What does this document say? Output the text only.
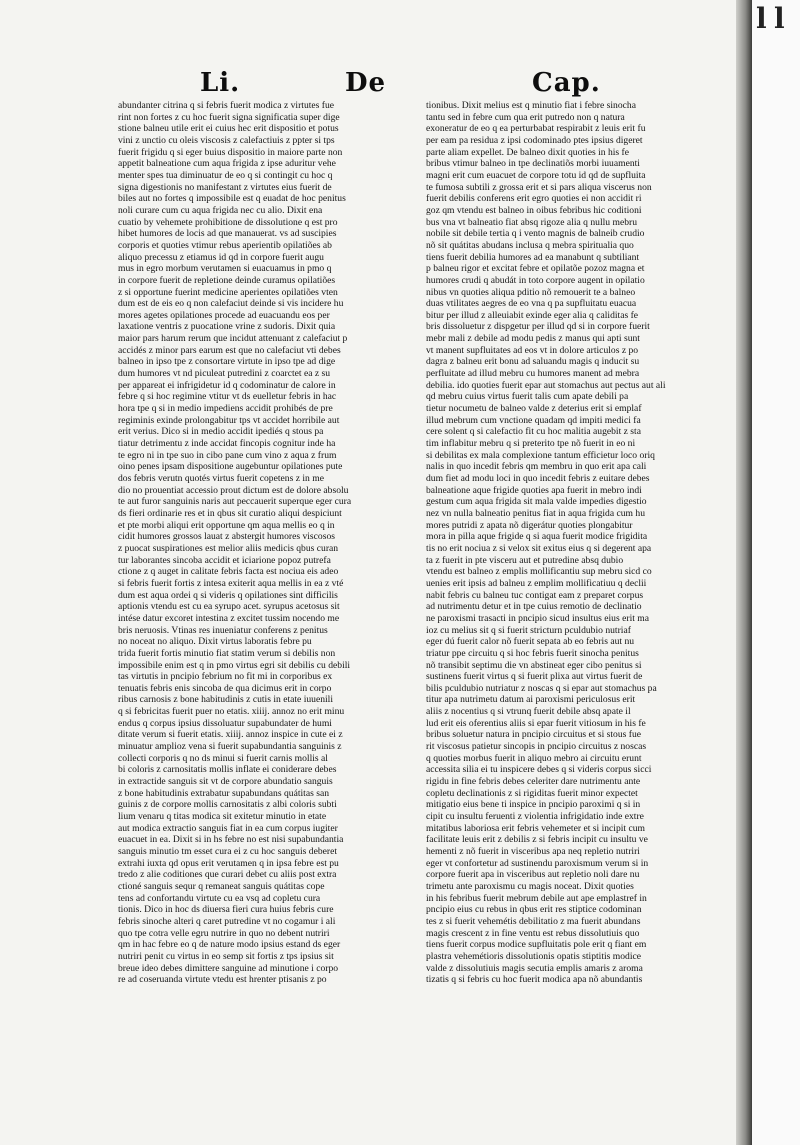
Li.	De	Cap.
abundanter citrina q si febris fuerit modica z virtutes fue
rint non fortes z cu hoc fuerit signa significatia super dige
stione balneu utile erit ei cuius hec erit dispositio et potus
vini z unctio cu oleis viscosis z calefactiuis z ppter si tps
fuerit frigidu q si eger buius dispositio in maiore parte non
appetit balneatione cum aqua frigida z ipse aduritur vehe
menter spes tua diminuatur de eo q si contingit cu hoc q
signa digestionis no manifestant z virtutes eius fuerit de
biles aut no fortes q impossibile est q euadat de hoc penitus
noli curare cum cu aqua frigida nec cu alio. Dixit ena
cuatio by vehemete prohibitione de dissolutione q est pro
hibet humores de locis ad que manauerat. vs ad suscipies
corporis et quoties vtimur rebus aperientib opilatiões ab
aliquo precessu z etiamus id qd in corpore fuerit augu
mus in egro morbum verutamen si euacuamus in pmo q
in corpore fuerit de repletione deinde curamus opilatiões
z si opportune fuerint medicine aperientes opilatiões vten
dum est de eis eo q non calefaciut deinde si vis incidere hu
mores agetes opilationes procede ad euacuandu eos per
laxatione ventris z puocatione vrine z sudoris. Dixit quia
maior pars harum rerum que incidut attenuant z calefaciut p
accidés z minor pars earum est que no calefaciut vti debes
balneo in ipso tpe z consortare virtute in ipso tpe ad dige
dum humores vt nd piculeat putredini z coarctet ea z su
per appareat ei infrigidetur id q codominatur de calore in
febre q si hoc regimine vtitur vt ds euelletur febris in hac
hora tpe q si in medio impediens accidit prohibés de pre
regiminis exinde prolongabitur tps vt accidet horribile aut
erit verius. Dico si in medio accidit ipediés q stous pa
tiatur detrimentu z inde accidat fincopis cognitur inde ha
te egro ni in tpe suo in cibo pane cum vino z aqua z frum
oino penes ipsam dispositione augebuntur opilationes pute
dos febris verutn quotés virtus fuerit copetens z in me
dio no prouentiat accessio prout dictum est de dolore absolu
te aut furor sanguinis naris aut peccauerit superque eger cura
ds fieri ordinarie res et in qbus sit curatio aliqui despiciunt
et pte morbi aliqui erit opportune qm aqua mellis eo q in
cidit humores grossos lauat z abstergit humores viscosos
z puocat suspirationes est melior aliis medicis qbus curan
tur laborantes sincoba accidit et iciarione popoz putrefa
ctione z q auget in calitate febris facta est nociua eis adeo
si febris fuerit fortis z intesa exiterit aqua mellis in ea z vté
dum est aqua ordei q si videris q opilationes sint difficilis
aptionis vtendu est cu ea syrupo acet. syrupus acetosus sit
intése datur excoret intestina z excitet tussim nocendo me
bris neruosis. Vtinas res inueniatur conferens z penitus
no noceat no aliquo. Dixit virtus laboratis febre pu
trida fuerit fortis minutio fiat statim verum si debilis non
impossibile enim est q in pmo virtus egri sit debilis cu debili
tas virtutis in pncipio febrium no fit mi in corporibus ex
tenuatis febris enis sincoba de qua dicimus erit in corpo
ribus carnosis z bone habitudinis z cutis in etate iuuenili
q si febricitas fuerit puer no etatis. xiiij. annoz no erit minu
endus q corpus ipsius dissoluatur supabundater de humi
ditate verum si fuerit etatis. xiiij. annoz inspice in cute ei z
minuatur amplioz vena si fuerit supabundantia sanguinis z
collecti corporis q no ds minui si fuerit carnis mollis al
bi coloris z carnositatis mollis inflate ei coniderare debes
in extractide sanguis sit vt de corpore abundatio sanguis
z bone habitudinis extrabatur supabundans quátitas san
guinis z de corpore mollis carnositatis z albi coloris subti
lium venaru q titas modica sit exitetur minutio in etate
aut modica extractio sanguis fiat in ea cum corpus iugiter
euacuet in ea. Dixit si in hs febre no est nisi supabundantia
sanguis minutio tm esset cura ei z cu hoc sanguis deberet
extrahi iuxta qd opus erit verutamen q in ipsa febre est pu
tredo z alie coditiones que curari debet cu aliis post extra
ctioné sanguis sequr q remaneat sanguis quátitas cope
tens ad confortandu virtute cu ea vsq ad copletu cura
tionis. Dico in hoc ds diuersa fieri cura huius febris cure
febris sinoche alteri q caret putredine vt no cogamur i ali
quo tpe cotra velle egru nutrire in quo no debent nutriri
qm in hac febre eo q de nature modo ipsius estand ds eger
nutriri penit cu virtus in eo semp sit fortis z tps ipsius sit
breue ideo debes dimittere sanguine ad minutione i corpo
re ad coseruanda virtute vtedu est hrenter ptisanis z po
tionibus. Dixit melius est q minutio fiat i febre sinocha
tantu sed in febre cum qua erit putredo non q natura
exoneratur de eo q ea perturbabat respirabit z leuis erit fu
per eam pa residua z ipsi codominado ptes ipsius digeret
parte aliam expellet. De balneo dixit quoties in his fe
bribus vtimur balneo in tpe declinatiõs morbi iuuamenti
magni erit cum euacuet de corpore totu id qd de supfluita
te fumosa subtili z grossa erit et si pars aliqua viscerus non
fuerit debilis conferens erit egro quoties ei non accidit ri
goz qm vtendu est balneo in oibus febribus hic coditioni
bus vna vt balneatio fiat absq rigoze alia q nullu mebru
nobile sit debile tertia q i vento magnis de balneib crudio
nõ sit quátitas abudans inclusa q mebra spiritualia quo
tiens fuerit debilia humores ad ea manabunt q subtiliant
p balneu rigor et excitat febre et opilatõe pozoz magna et
humores crudi q abudát in toto corpore augent in opilatio
nibus vn quoties aliqua pditio nõ remouerit te a balneo
duas vtilitates aegres de eo vna q pa supfluitatu euacua
bitur per illud z alleuiabit exinde eger alia q caliditas fe
bris dissoluetur z dispgetur per illud qd si in corpore fuerit
mebr mali z debile ad modu pedis z manus qui apti sunt
vt manent supfluitates ad eos vt in dolore articulos z po
dagra z balneu erit bonu ad saluandu magis q inducit su
perfluitate ad illud mebru cu humores manent ad mebra
debilia. ido quoties fuerit epar aut stomachus aut pectus aut ali
qd mebru cuius virtus fuerit talis cum apate debili pa
tietur nocumetu de balneo valde z deterius erit si emplaf
illud mebrum cum vnctione quadam qd impiti medici fa
cere solent q si calefactio fit cu hoc malitia augebit z sta
tim inflabitur mebru q si preterito tpe nõ fuerit in eo ni
si debilitas ex mala complexione tantum efficietur loco oriq
nalis in quo incedit febris qm membru in quo erit apa cali
dum fiet ad modu loci in quo incedit febris z euitare debes
balneatione aque frigide quoties apa fuerit in mebro indi
gestum cum aqua frigida sit mala valde impedies digestio
nez vn nulla balneatio penitus fiat in aqua frigida cum hu
mores putridi z apata nõ digerátur quoties plongabitur
mora in pilla aque frigide q si aqua fuerit modice frigidita
tis no erit nociua z si velox sit exitus eius q si degerent apa
ta z fuerit in pte visceru aut et putredine absq dubio
vtendu est balneo z emplis mollificantiu sup mebru sicd co
uenies erit ipsis ad balneu z emplim mollificatiuu q declii
nabit febris cu balneu tuc contigat eam z preparet corpus
ad nutrimentu detur et in tpe cuius remotio de declinatio
ne paroxismi trasacti in pncipio sicud insultus eius erit ma
ioz cu melius sit q si fuerit stricturn pculdubio nutriaf
eger dú fuerit calor nõ fuerit sepata ab eo febris aut nu
triatur ppe circuitu q si hoc febris fuerit sinocha penitus
nõ transibit septimu die vn abstineat eger cibo penitus si
sustinens fuerit virtus q si fuerit plixa aut virtus fuerit de
bilis pculdubio nutriatur z noscas q si epar aut stomachus pa
titur apa nutrimetu datum ai paroxismi periculosus erit
aliis z nocentius q si vtrunq fuerit debile absq apate il
lud erit eis oferentius aliis si epar fuerit vitiosum in his fe
bribus soluetur natura in pncipio circuitus et si stous fue
rit viscosus patietur sincopis in pncipio circuitus z noscas
q quoties morbus fuerit in aliquo mebro ai circuitu erunt
accessita silia ei tu inspicere debes q si videris corpus sicci
rigidu in fine febris debes celeriter dare nutrimentu ante
copletu declinationis z si rigiditas fuerit minor expectet
mitigatio eius bene ti inspice in pncipio paroximi q si in
cipit cu insultu feruenti z violentia infrigidatio inde extre
mitatibus laboriosa erit febris vehemeter et si incipit cum
facilitate leuis erit z debilis z si febris incipit cu insultu ve
hementi z nõ fuerit in visceribus apa neq repletio nutriri
eger vt confortetur ad sustinendu paroxismum verum si in
corpore fuerit apa in visceribus aut repletio noli dare nu
trimetu ante paroxismu cu magis noceat. Dixit quoties
in his febribus fuerit mebrum debile aut ape emplastref in
pncipio eius cu rebus in qbus erit res stiptice codominan
tes z si fuerit vehemétis debilitatio z ma fuerit abundans
magis crescent z in fine ventu est rebus dissolutiuis quo
tiens fuerit corpus modice supfluitatis pole erit q fiant em
plastra vehemétioris dissolutionis opatis stiptitis modice
valde z dissolutiuis magis secutia emplis amaris z aroma
tizatis q si febris cu hoc fuerit modica apa nõ abundantis
l l
